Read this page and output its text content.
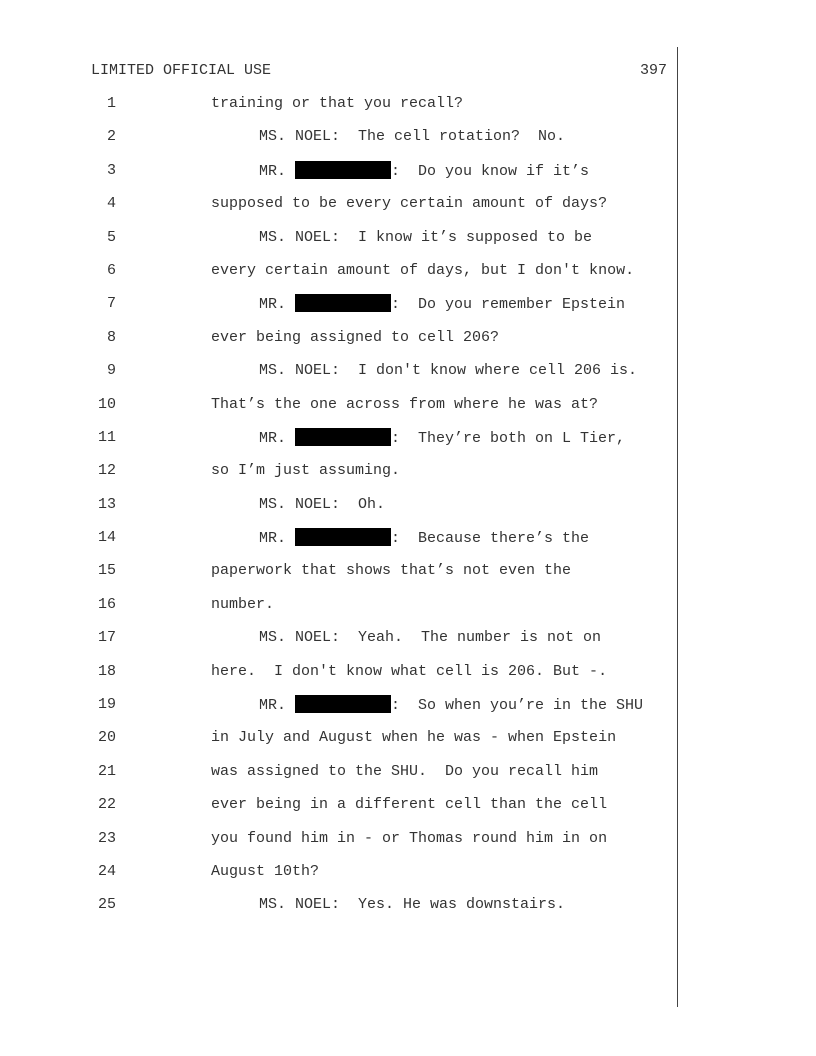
LIMITED OFFICIAL USE	397
1	training or that you recall?
2	MS. NOEL:  The cell rotation?  No.
3	MR.	:  Do you know if it’s
4	supposed to be every certain amount of days?
5	MS. NOEL:  I know it’s supposed to be
6	every certain amount of days, but I don't know.
7	MR.	:  Do you remember Epstein
8	ever being assigned to cell 206?
9	MS. NOEL:  I don't know where cell 206 is.
10	That’s the one across from where he was at?
11	MR.	:  They’re both on L Tier,
12	so I’m just assuming.
13	MS. NOEL:  Oh.
14	MR.	:  Because there’s the
15	paperwork that shows that’s not even the
16	number.
17	MS. NOEL:  Yeah.  The number is not on
18	here.  I don't know what cell is 206. But -.
19	MR.	:  So when you’re in the SHU
20	in July and August when he was - when Epstein
21	was assigned to the SHU.  Do you recall him
22	ever being in a different cell than the cell
23	you found him in - or Thomas round him in on
24	August 10th?
25	MS. NOEL:  Yes. He was downstairs.
